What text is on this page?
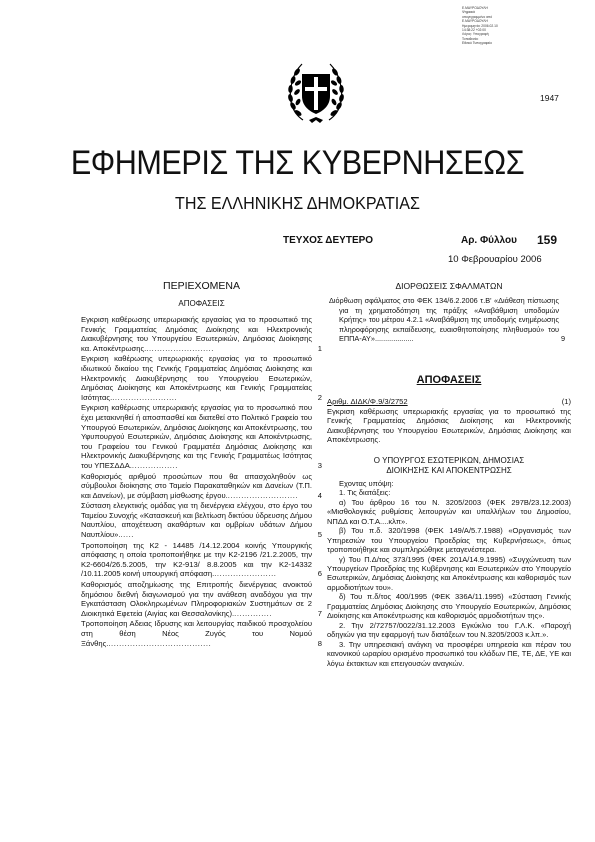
Ε.ΜΑΥΡΟΔΟΥΛΗ
Ψηφιακά
υπογεγραμμένο από
Ε.ΜΑΥΡΟΔΟΥΛΗ
Ημερομηνία: 2006.02.10
14:38:22 +02:00
Λόγος: Υπογραφή
Τοποθεσία:
Εθνικό Τυπογραφείο
1947
ΕΦΗΜΕΡΙΣ ΤΗΣ ΚΥΒΕΡΝΗΣΕΩΣ
ΤΗΣ ΕΛΛΗΝΙΚΗΣ ΔΗΜΟΚΡΑΤΙΑΣ
ΤΕΥΧΟΣ ΔΕΥΤΕΡΟ	Αρ. Φύλλου 159
10 Φεβρουαρίου 2006
ΠΕΡΙΕΧΟΜΕΝΑ
ΑΠΟΦΑΣΕΙΣ
Εγκριση καθέρωσης υπερωριακής εργασίας για το προσωπικό της Γενικής Γραμματείας Δημόσιας Διοίκησης και Ηλεκτρονικής Διακυβέρνησης του Υπουργείου Εσωτερικών, Δημόσιας Διοίκησης κα. Αποκέντρωσης..........................	1
Εγκριση καθέρωσης υπερωριακής εργασίας για το προσωπικό ιδιωτικού δικαίου της Γενικής Γραμματείας Δημόσιας Διοίκησης και Ηλεκτρονικής Διακυβέρνησης του Υπουργείου Εσωτερικών, Δημόσιας Διοίκησης και Αποκέντρωσης και Γενικής Γραμματείας Ισότητας.........................	2
Εγκριση καθέρωσης υπερωριακής εργασίας για το προσωπικό που έχει μετακινηθεί ή αποσπασθεί και διατεθεί στο Πολιτικό Γραφείο του Υπουργού Εσωτερικών, Δημόσιας Διοίκησης και Αποκέντρωσης, του Υφυπουργού Εσωτερικών, Δημόσιας Διοίκησης και Αποκέντρωσης, του Γραφείου του Γενικού Γραμματέα Δημόσιας Διοίκησης και Ηλεκτρονικής Διακυβέρνησης και της Γενικής Γραμματέως Ισότητας του ΥΠΕΣΔΔΑ..................	3
Καθορισμός αριθμού προσώπων που θα απασχοληθούν ως σύμβουλοι διοίκησης στο Ταμείο Παρακαταθηκών και Δανείων (Τ.Π. και Δανείων), με σύμβαση μίσθωσης έργου...........................	4
Σύσταση ελεγκτικής ομάδας για τη διενέργεια ελέγχου, στο έργο του Ταμείου Συνοχής «Κατασκευή και βελτίωση δικτύου ύδρευσης Δήμου Ναυπλίου, αποχέτευση ακαθάρτων και ομβρίων υδάτων Δήμου Ναυπλίου»......	5
Τροποποίηση της Κ2 - 14485 /14.12.2004 κοινής Υπουργικής απόφασης η οποία τροποποιήθηκε με την Κ2-2196 /21.2.2005, την Κ2-6604/26.5.2005, την Κ2-913/ 8.8.2005 και την Κ2-14332 /10.11.2005 κοινή υπουργική απόφαση........................	6
Καθορισμός αποζημίωσης της Επιτροπής διενέργειας ανοικτού δημόσιου διεθνή διαγωνισμού για την ανάθεση αναδόχου για την Εγκατάσταση Ολοκληρωμένων Πληροφοριακών Συστημάτων σε 2 Διοικητικά Εφετεία (Αιγίας και Θεσσαλονίκης)...............	7
Τροποποίηση Αδειας Ιδρυσης και λειτουργίας παιδικού προσχολείου στη θέση Νέος Ζυγός του Νομού Ξάνθης.......................................	8
ΔΙΟΡΘΩΣΕΙΣ ΣΦΑΛΜΑΤΩΝ
Διόρθωση σφάλματος στο ΦΕΚ 134/6.2.2006 τ.Β' «Διάθεση πίστωσης για τη χρηματοδότηση της πράξης «Αναβάθμιση υποδομών Κρήτης» του μέτρου 4.2.1 «Αναβάθμιση της υποδομής ενημέρωσης πληροφόρησης εκπαίδευσης, ευαισθητοποίησης πληθυσμού» του ΕΠΠΑ-ΑΥ»...................	9
ΑΠΟΦΑΣΕΙΣ
Αριθμ. ΔΙΔΚ/Φ.9/3/2752	(1)
Εγκριση καθέρωσης υπερωριακής εργασίας για το προσωπικό της Γενικής Γραμματείας Δημόσιας Διοίκησης και Ηλεκτρονικής Διακυβέρνησης του Υπουργείου Εσωτερικών, Δημόσιας Διοίκησης και Αποκέντρωσης.
Ο ΥΠΟΥΡΓΟΣ ΕΣΩΤΕΡΙΚΩΝ, ΔΗΜΟΣΙΑΣ
ΔΙΟΙΚΗΣΗΣ ΚΑΙ ΑΠΟΚΕΝΤΡΩΣΗΣ
Εχοντας υπόψη:
1. Τις διατάξεις:
α) Του άρθρου 16 του Ν. 3205/2003 (ΦΕΚ 297Β/23.12.2003) «Μισθολογικές ρυθμίσεις λειτουργών και υπαλλήλων του Δημοσίου, ΝΠΔΔ και Ο.Τ.Α....κλπ».
β) Του π.δ. 320/1998 (ΦΕΚ 149/Α/5.7.1988) «Οργανισμός των Υπηρεσιών του Υπουργείου Προεδρίας της Κυβερνήσεως», όπως τροποποιήθηκε και συμπληρώθηκε μεταγενέστερα.
γ) Του Π.Δ/τος 373/1995 (ΦΕΚ 201Α/14.9.1995) «Συγχώνευση των Υπουργείων Προεδρίας της Κυβέρνησης και Εσωτερικών στο Υπουργείο Εσωτερικών, Δημόσιας Διοίκησης και Αποκέντρωσης και καθορισμός των αρμοδιοτήτων του».
δ) Του π.δ/τος 400/1995 (ΦΕΚ 336Α/11.1995) «Σύσταση Γενικής Γραμματείας Δημόσιας Διοίκησης στο Υπουργείο Εσωτερικών, Δημόσιας Διοίκησης και Αποκέντρωσης και καθορισμός αρμοδιοτήτων της».
2. Την 2/72757/0022/31.12.2003 Εγκύκλιο του Γ.Λ.Κ. «Παροχή οδηγιών για την εφαρμογή των διατάξεων του Ν.3205/2003 κ.λπ.».
3. Την υπηρεσιακή ανάγκη να προσφέρει υπηρεσία και πέραν του κανονικού ωραρίου ορισμένο προσωπικό του κλάδων ΠΕ, ΤΕ, ΔΕ, ΥΕ και λόγω έκτακτων και επειγουσών αναγκών.
